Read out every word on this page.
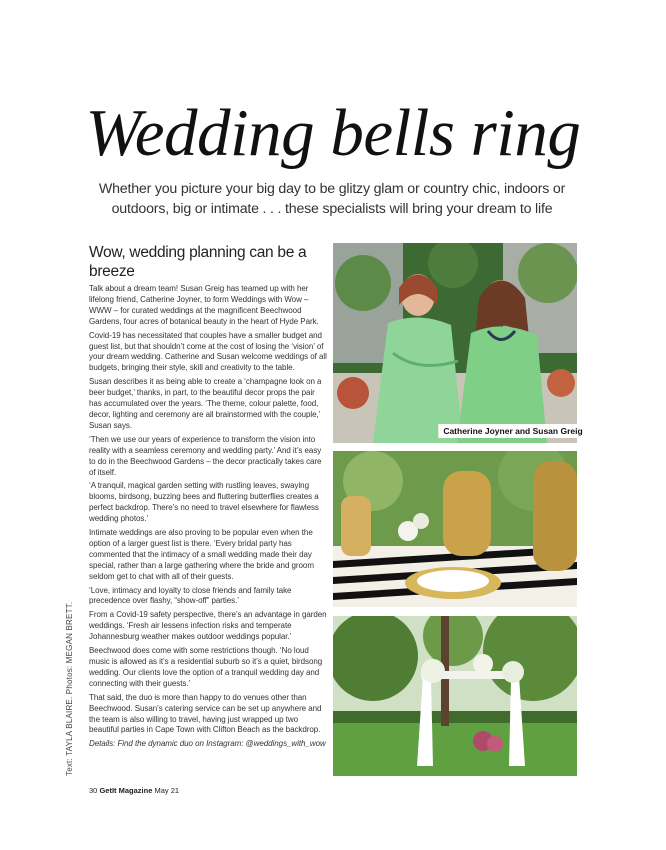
Wedding bells ring
Whether you picture your big day to be glitzy glam or country chic, indoors or outdoors, big or intimate . . . these specialists will bring your dream to life
Wow, wedding planning can be a breeze

Talk about a dream team! Susan Greig has teamed up with her lifelong friend, Catherine Joyner, to form Weddings with Wow – WWW – for curated weddings at the magnificent Beechwood Gardens, four acres of botanical beauty in the heart of Hyde Park.

Covid-19 has necessitated that couples have a smaller budget and guest list, but that shouldn’t come at the cost of losing the ‘vision’ of your dream wedding. Catherine and Susan welcome weddings of all budgets, bringing their style, skill and creativity to the table.

Susan describes it as being able to create a ‘champagne look on a beer budget,’ thanks, in part, to the beautiful decor props the pair has accumulated over the years. ‘The theme, colour palette, food, decor, lighting and ceremony are all brainstormed with the couple,’ Susan says.

‘Then we use our years of experience to transform the vision into reality with a seamless ceremony and wedding party.’ And it’s easy to do in the Beechwood Gardens – the decor practically takes care of itself.

‘A tranquil, magical garden setting with rustling leaves, swaying blooms, birdsong, buzzing bees and fluttering butterflies creates a perfect backdrop. There’s no need to travel elsewhere for flawless wedding photos.’

Intimate weddings are also proving to be popular even when the option of a larger guest list is there. ‘Every bridal party has commented that the intimacy of a small wedding made their day special, rather than a large gathering where the bride and groom seldom get to chat with all of their guests.

‘Love, intimacy and loyalty to close friends and family take precedence over flashy, “show-off” parties.’

From a Covid-19 safety perspective, there’s an advantage in garden weddings. ‘Fresh air lessens infection risks and temperate Johannesburg weather makes outdoor weddings popular.’

Beechwood does come with some restrictions though. ‘No loud music is allowed as it’s a residential suburb so it’s a quiet, birdsong wedding. Our clients love the option of a tranquil wedding day and connecting with their guests.’

That said, the duo is more than happy to do venues other than Beechwood. Susan’s catering service can be set up anywhere and the team is also willing to travel, having just wrapped up two beautiful parties in Cape Town with Clifton Beach as the backdrop.

Details: Find the dynamic duo on Instagram: @weddings_with_wow

Text: TAYLA BLAIRE. Photos: MEGAN BRETT.
30 GetIt Magazine May 21
Catherine Joyner and Susan Greig
